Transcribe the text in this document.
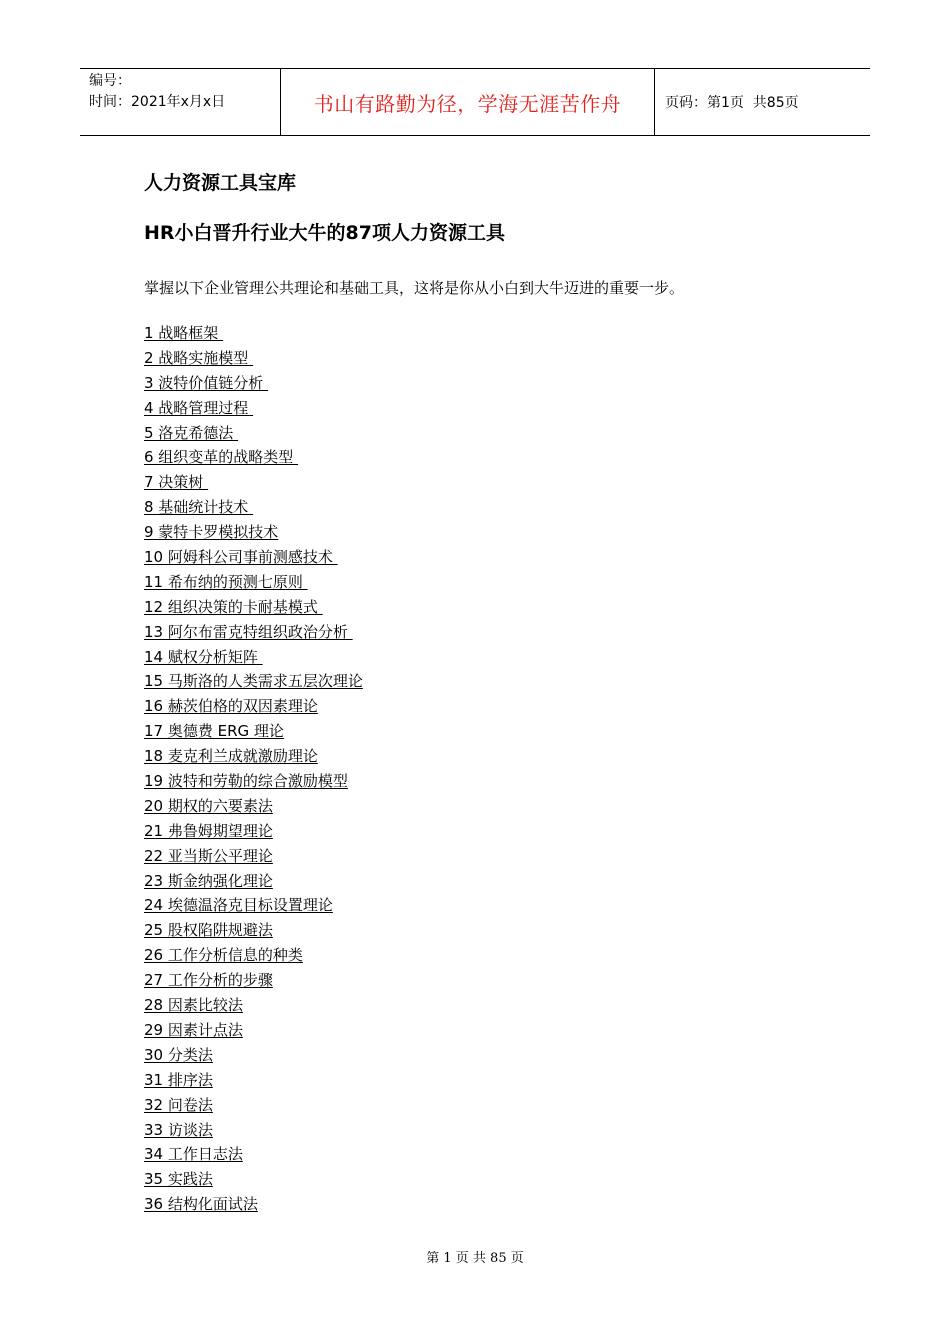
编号：
时间：2021年x月x日	书山有路勤为径，学海无涯苦作舟	页码：第1页  共85页
人力资源工具宝库
HR小白晋升行业大牛的87项人力资源工具

掌握以下企业管理公共理论和基础工具，这将是你从小白到大牛迈进的重要一步。

1 战略框架
2 战略实施模型
3 波特价值链分析
4 战略管理过程
5 洛克希德法
6 组织变革的战略类型
7 决策树
8 基础统计技术
9 蒙特卡罗模拟技术
10 阿姆科公司事前测感技术
11 希布纳的预测七原则
12 组织决策的卡耐基模式
13 阿尔布雷克特组织政治分析
14 赋权分析矩阵
15 马斯洛的人类需求五层次理论
16 赫茨伯格的双因素理论
17 奥德费 ERG 理论
18 麦克利兰成就激励理论
19 波特和劳勒的综合激励模型
20 期权的六要素法
21 弗鲁姆期望理论
22 亚当斯公平理论
23 斯金纳强化理论
24 埃德温洛克目标设置理论
25 股权陷阱规避法
26 工作分析信息的种类
27 工作分析的步骤
28 因素比较法
29 因素计点法
30 分类法
31 排序法
32 问卷法
33 访谈法
34 工作日志法
35 实践法
36 结构化面试法
第 1 页 共 85 页
